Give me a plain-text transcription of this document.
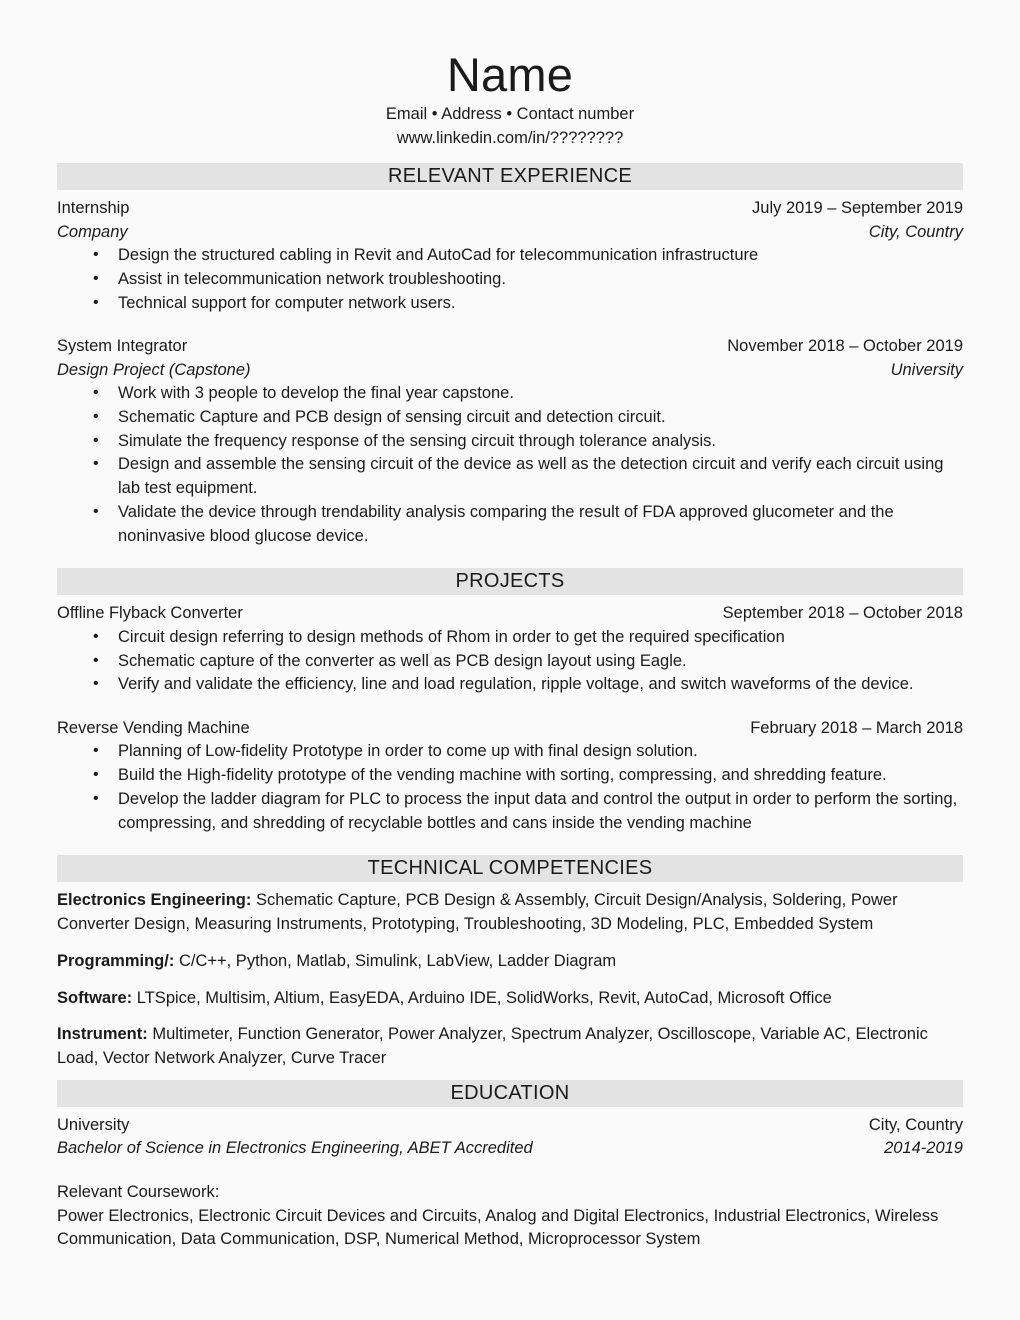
Name
Email • Address • Contact number
www.linkedin.com/in/????????
RELEVANT EXPERIENCE
Internship	July 2019 – September 2019
Company	City, Country
• Design the structured cabling in Revit and AutoCad for telecommunication infrastructure
• Assist in telecommunication network troubleshooting.
• Technical support for computer network users.
System Integrator	November 2018 – October 2019
Design Project (Capstone)	University
• Work with 3 people to develop the final year capstone.
• Schematic Capture and PCB design of sensing circuit and detection circuit.
• Simulate the frequency response of the sensing circuit through tolerance analysis.
• Design and assemble the sensing circuit of the device as well as the detection circuit and verify each circuit using lab test equipment.
• Validate the device through trendability analysis comparing the result of FDA approved glucometer and the noninvasive blood glucose device.
PROJECTS
Offline Flyback Converter	September 2018 – October 2018
• Circuit design referring to design methods of Rhom in order to get the required specification
• Schematic capture of the converter as well as PCB design layout using Eagle.
• Verify and validate the efficiency, line and load regulation, ripple voltage, and switch waveforms of the device.
Reverse Vending Machine	February 2018 – March 2018
• Planning of Low-fidelity Prototype in order to come up with final design solution.
• Build the High-fidelity prototype of the vending machine with sorting, compressing, and shredding feature.
• Develop the ladder diagram for PLC to process the input data and control the output in order to perform the sorting, compressing, and shredding of recyclable bottles and cans inside the vending machine
TECHNICAL COMPETENCIES

Electronics Engineering: Schematic Capture, PCB Design & Assembly, Circuit Design/Analysis, Soldering, Power Converter Design, Measuring Instruments, Prototyping, Troubleshooting, 3D Modeling, PLC, Embedded System

Programming/: C/C++, Python, Matlab, Simulink, LabView, Ladder Diagram

Software: LTSpice, Multisim, Altium, EasyEDA, Arduino IDE, SolidWorks, Revit, AutoCad, Microsoft Office

Instrument: Multimeter, Function Generator, Power Analyzer, Spectrum Analyzer, Oscilloscope, Variable AC, Electronic Load, Vector Network Analyzer, Curve Tracer

EDUCATION
University	City, Country
Bachelor of Science in Electronics Engineering, ABET Accredited	2014-2019
Relevant Coursework:
Power Electronics, Electronic Circuit Devices and Circuits, Analog and Digital Electronics, Industrial Electronics, Wireless Communication, Data Communication, DSP, Numerical Method, Microprocessor System
